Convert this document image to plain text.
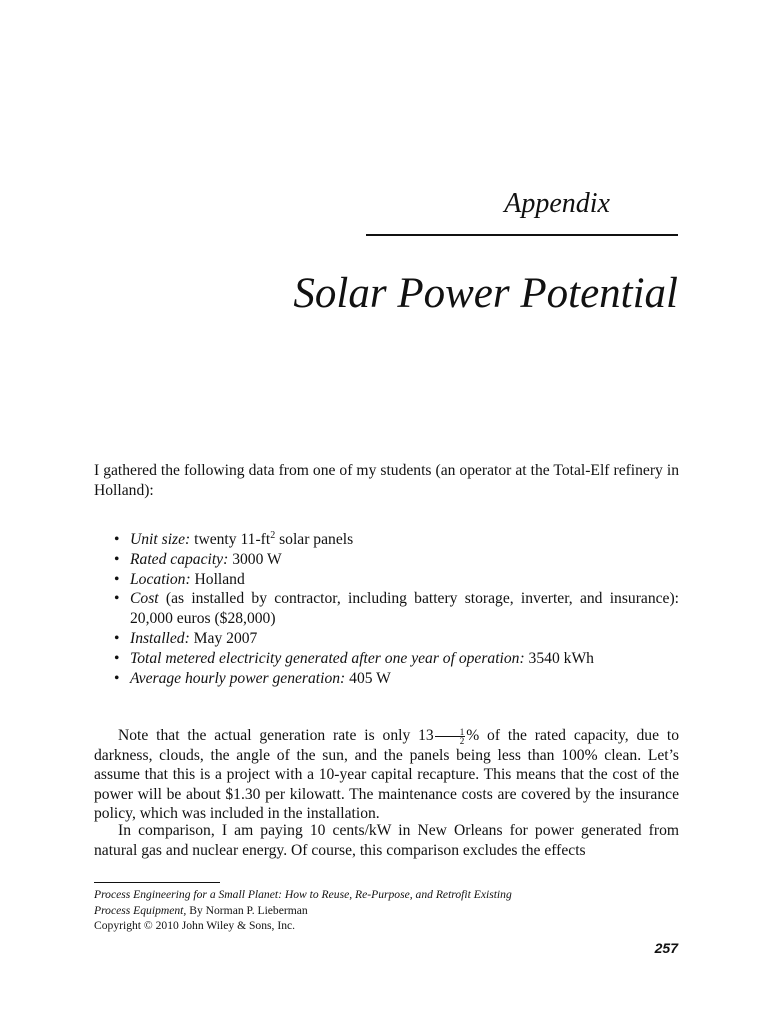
Appendix
Solar Power Potential

I gathered the following data from one of my students (an operator at the Total-Elf refinery in Holland):

• Unit size: twenty $11-ft^2$ solar panels
• Rated capacity: 3000 W
• Location: Holland
• Cost (as installed by contractor, including battery storage, inverter, and insurance): 20,000 euros ($28,000)
• Installed: May 2007
• Total metered electricity generated after one year of operation: 3540 kWh
• Average hourly power generation: 405 W

Note that the actual generation rate is only $13 \frac{1}{2}$ % of the rated capacity, due to darkness, clouds, the angle of the sun, and the panels being less than 100% clean. Let’s assume that this is a project with a 10-year capital recapture. This means that the cost of the power will be about $1.30 per kilowatt. The maintenance costs are covered by the insurance policy, which was included in the installation.

In comparison, I am paying 10 cents/kW in New Orleans for power generated from natural gas and nuclear energy. Of course, this comparison excludes the effects

Process Engineering for a Small Planet: How to Reuse, Re-Purpose, and Retrofit Existing
Process Equipment, By Norman P. Lieberman
Copyright © 2010 John Wiley & Sons, Inc.
257
